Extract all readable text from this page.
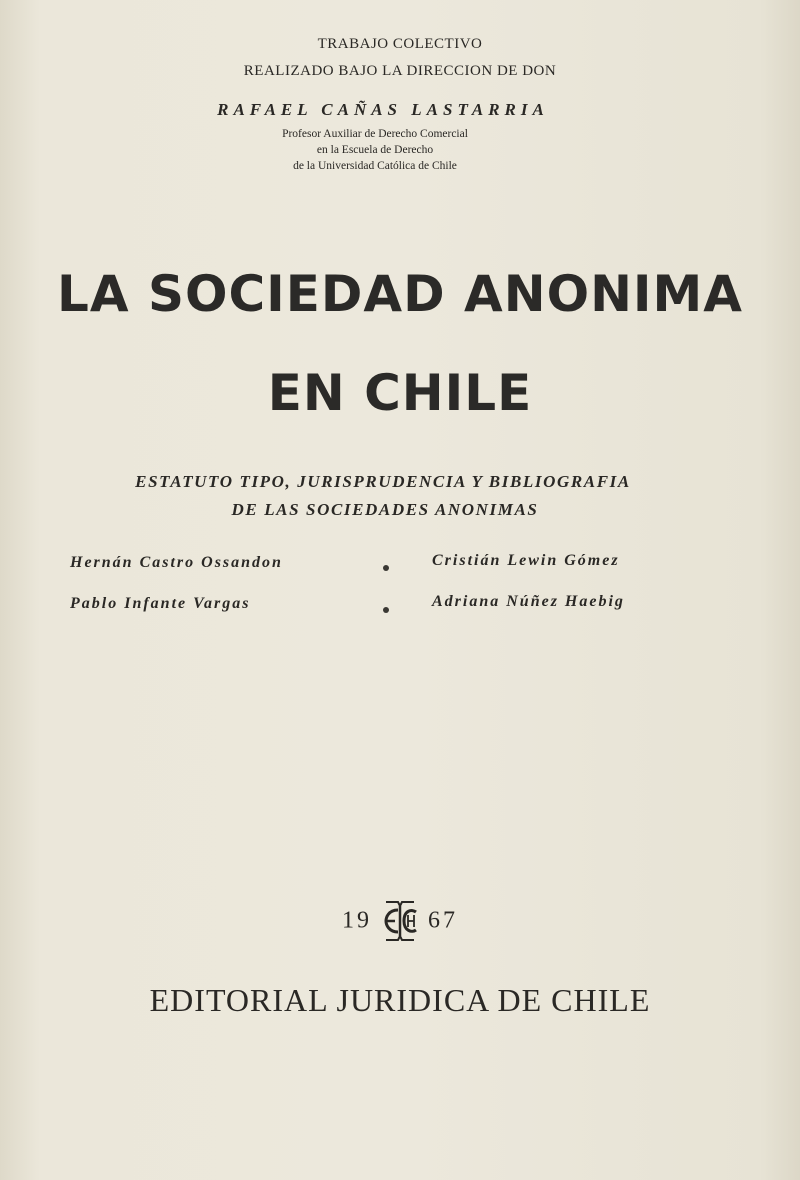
TRABAJO COLECTIVO
REALIZADO BAJO LA DIRECCION DE DON
RAFAEL CAÑAS LASTARRIA
Profesor Auxiliar de Derecho Comercial
en la Escuela de Derecho
de la Universidad Católica de Chile
LA SOCIEDAD ANONIMA
EN CHILE
ESTATUTO TIPO, JURISPRUDENCIA Y BIBLIOGRAFIA
DE LAS SOCIEDADES ANONIMAS
Hernán Castro Ossandon	Cristián Lewin Gómez
Pablo Infante Vargas	Adriana Núñez Haebig
19 67
EDITORIAL JURIDICA DE CHILE
